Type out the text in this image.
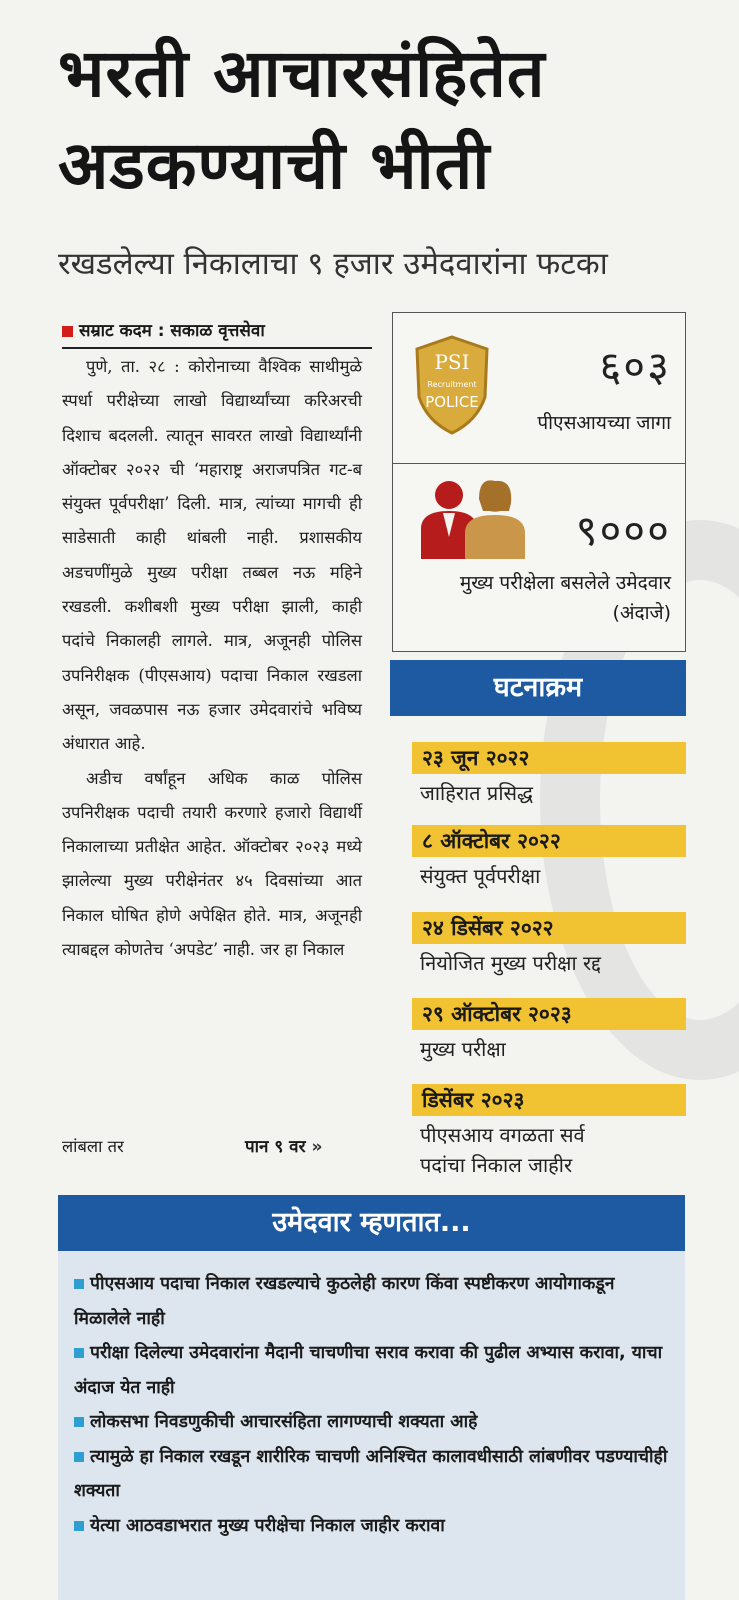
भरती आचारसंहितेत
अडकण्याची भीती
रखडलेल्या निकालाचा ९ हजार उमेदवारांना फटका
सम्राट कदम : सकाळ वृत्तसेवा

पुणे, ता. २८ : कोरोनाच्या वैश्विक साथीमुळे स्पर्धा परीक्षेच्या लाखो विद्यार्थ्यांच्या करिअरची दिशाच बदलली. त्यातून सावरत लाखो विद्यार्थ्यांनी ऑक्टोबर २०२२ ची ‘महाराष्ट्र अराजपत्रित गट-ब संयुक्त पूर्वपरीक्षा’ दिली. मात्र, त्यांच्या मागची ही साडेसाती काही थांबली नाही. प्रशासकीय अडचणींमुळे मुख्य परीक्षा तब्बल नऊ महिने रखडली. कशीबशी मुख्य परीक्षा झाली, काही पदांचे निकालही लागले. मात्र, अजूनही पोलिस उपनिरीक्षक (पीएसआय) पदाचा निकाल रखडला असून, जवळपास नऊ हजार उमेदवारांचे भविष्य अंधारात आहे.

अडीच वर्षांहून अधिक काळ पोलिस उपनिरीक्षक पदाची तयारी करणारे हजारो विद्यार्थी निकालाच्या प्रतीक्षेत आहेत. ऑक्टोबर २०२३ मध्ये झालेल्या मुख्य परीक्षेनंतर ४५ दिवसांच्या आत निकाल घोषित होणे अपेक्षित होते. मात्र, अजूनही त्याबद्दल कोणतेच ‘अपडेट’ नाही. जर हा निकाल

लांबला तर	पान ९ वर »
PSI
Recruitment
POLICE
६०३
पीएसआयच्या जागा
९०००
मुख्य परीक्षेला बसलेले उमेदवार (अंदाजे)
घटनाक्रम
२३ जून २०२२
जाहिरात प्रसिद्ध
८ ऑक्टोबर २०२२
संयुक्त पूर्वपरीक्षा
२४ डिसेंबर २०२२
नियोजित मुख्य परीक्षा रद्द
२९ ऑक्टोबर २०२३
मुख्य परीक्षा
डिसेंबर २०२३
पीएसआय वगळता सर्व
पदांचा निकाल जाहीर
उमेदवार म्हणतात...
पीएसआय पदाचा निकाल रखडल्याचे कुठलेही कारण किंवा स्पष्टीकरण आयोगाकडून मिळालेले नाही
परीक्षा दिलेल्या उमेदवारांना मैदानी चाचणीचा सराव करावा की पुढील अभ्यास करावा, याचा अंदाज येत नाही
लोकसभा निवडणुकीची आचारसंहिता लागण्याची शक्यता आहे
त्यामुळे हा निकाल रखडून शारीरिक चाचणी अनिश्चित कालावधीसाठी लांबणीवर पडण्याचीही शक्यता
येत्या आठवडाभरात मुख्य परीक्षेचा निकाल जाहीर करावा
